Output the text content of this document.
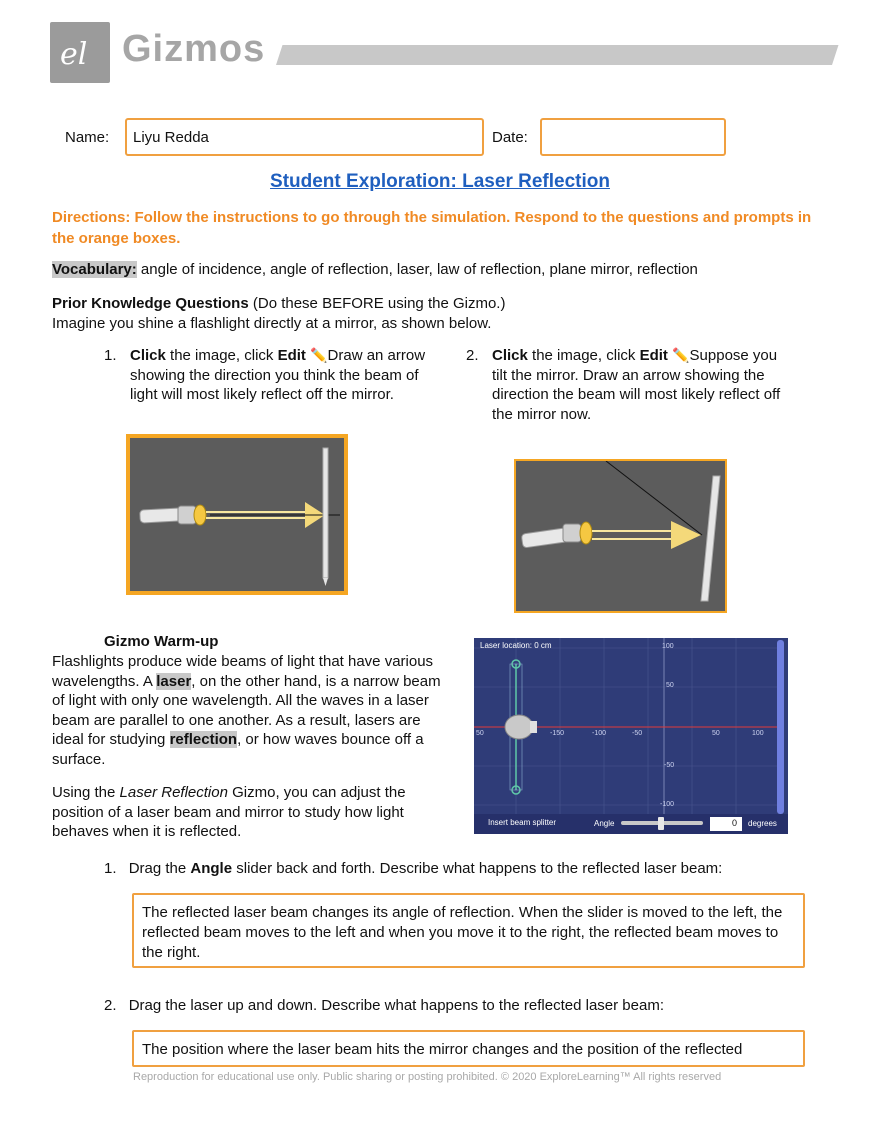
el Gizmos
Name:	Liyu Redda	Date:
Student Exploration: Laser Reflection
Directions: Follow the instructions to go through the simulation. Respond to the questions and prompts in the orange boxes.
Vocabulary: angle of incidence, angle of reflection, laser, law of reflection, plane mirror, reflection
Prior Knowledge Questions (Do these BEFORE using the Gizmo.)
Imagine you shine a flashlight directly at a mirror, as shown below.
1. Click the image, click Edit ✏️Draw an arrow showing the direction you think the beam of light will most likely reflect off the mirror.
2. Click the image, click Edit ✏️Suppose you tilt the mirror. Draw an arrow showing the direction the beam will most likely reflect off the mirror now.
Gizmo Warm-up
Flashlights produce wide beams of light that have various wavelengths. A laser, on the other hand, is a narrow beam of light with only one wavelength. All the waves in a laser beam are parallel to one another. As a result, lasers are ideal for studying reflection, or how waves bounce off a surface.
Using the Laser Reflection Gizmo, you can adjust the position of a laser beam and mirror to study how light behaves when it is reflected.
Laser location: 0 cm	100
50
-50
-100
50	-150	-100	-50	50	100
Insert beam splitter	Angle	0 degrees
1. Drag the Angle slider back and forth. Describe what happens to the reflected laser beam:
The reflected laser beam changes its angle of reflection. When the slider is moved to the left, the reflected beam moves to the left and when you move it to the right, the reflected beam moves to the right.
2. Drag the laser up and down. Describe what happens to the reflected laser beam:
The position where the laser beam hits the mirror changes and the position of the reflected
Reproduction for educational use only. Public sharing or posting prohibited. © 2020 ExploreLearning™ All rights reserved
